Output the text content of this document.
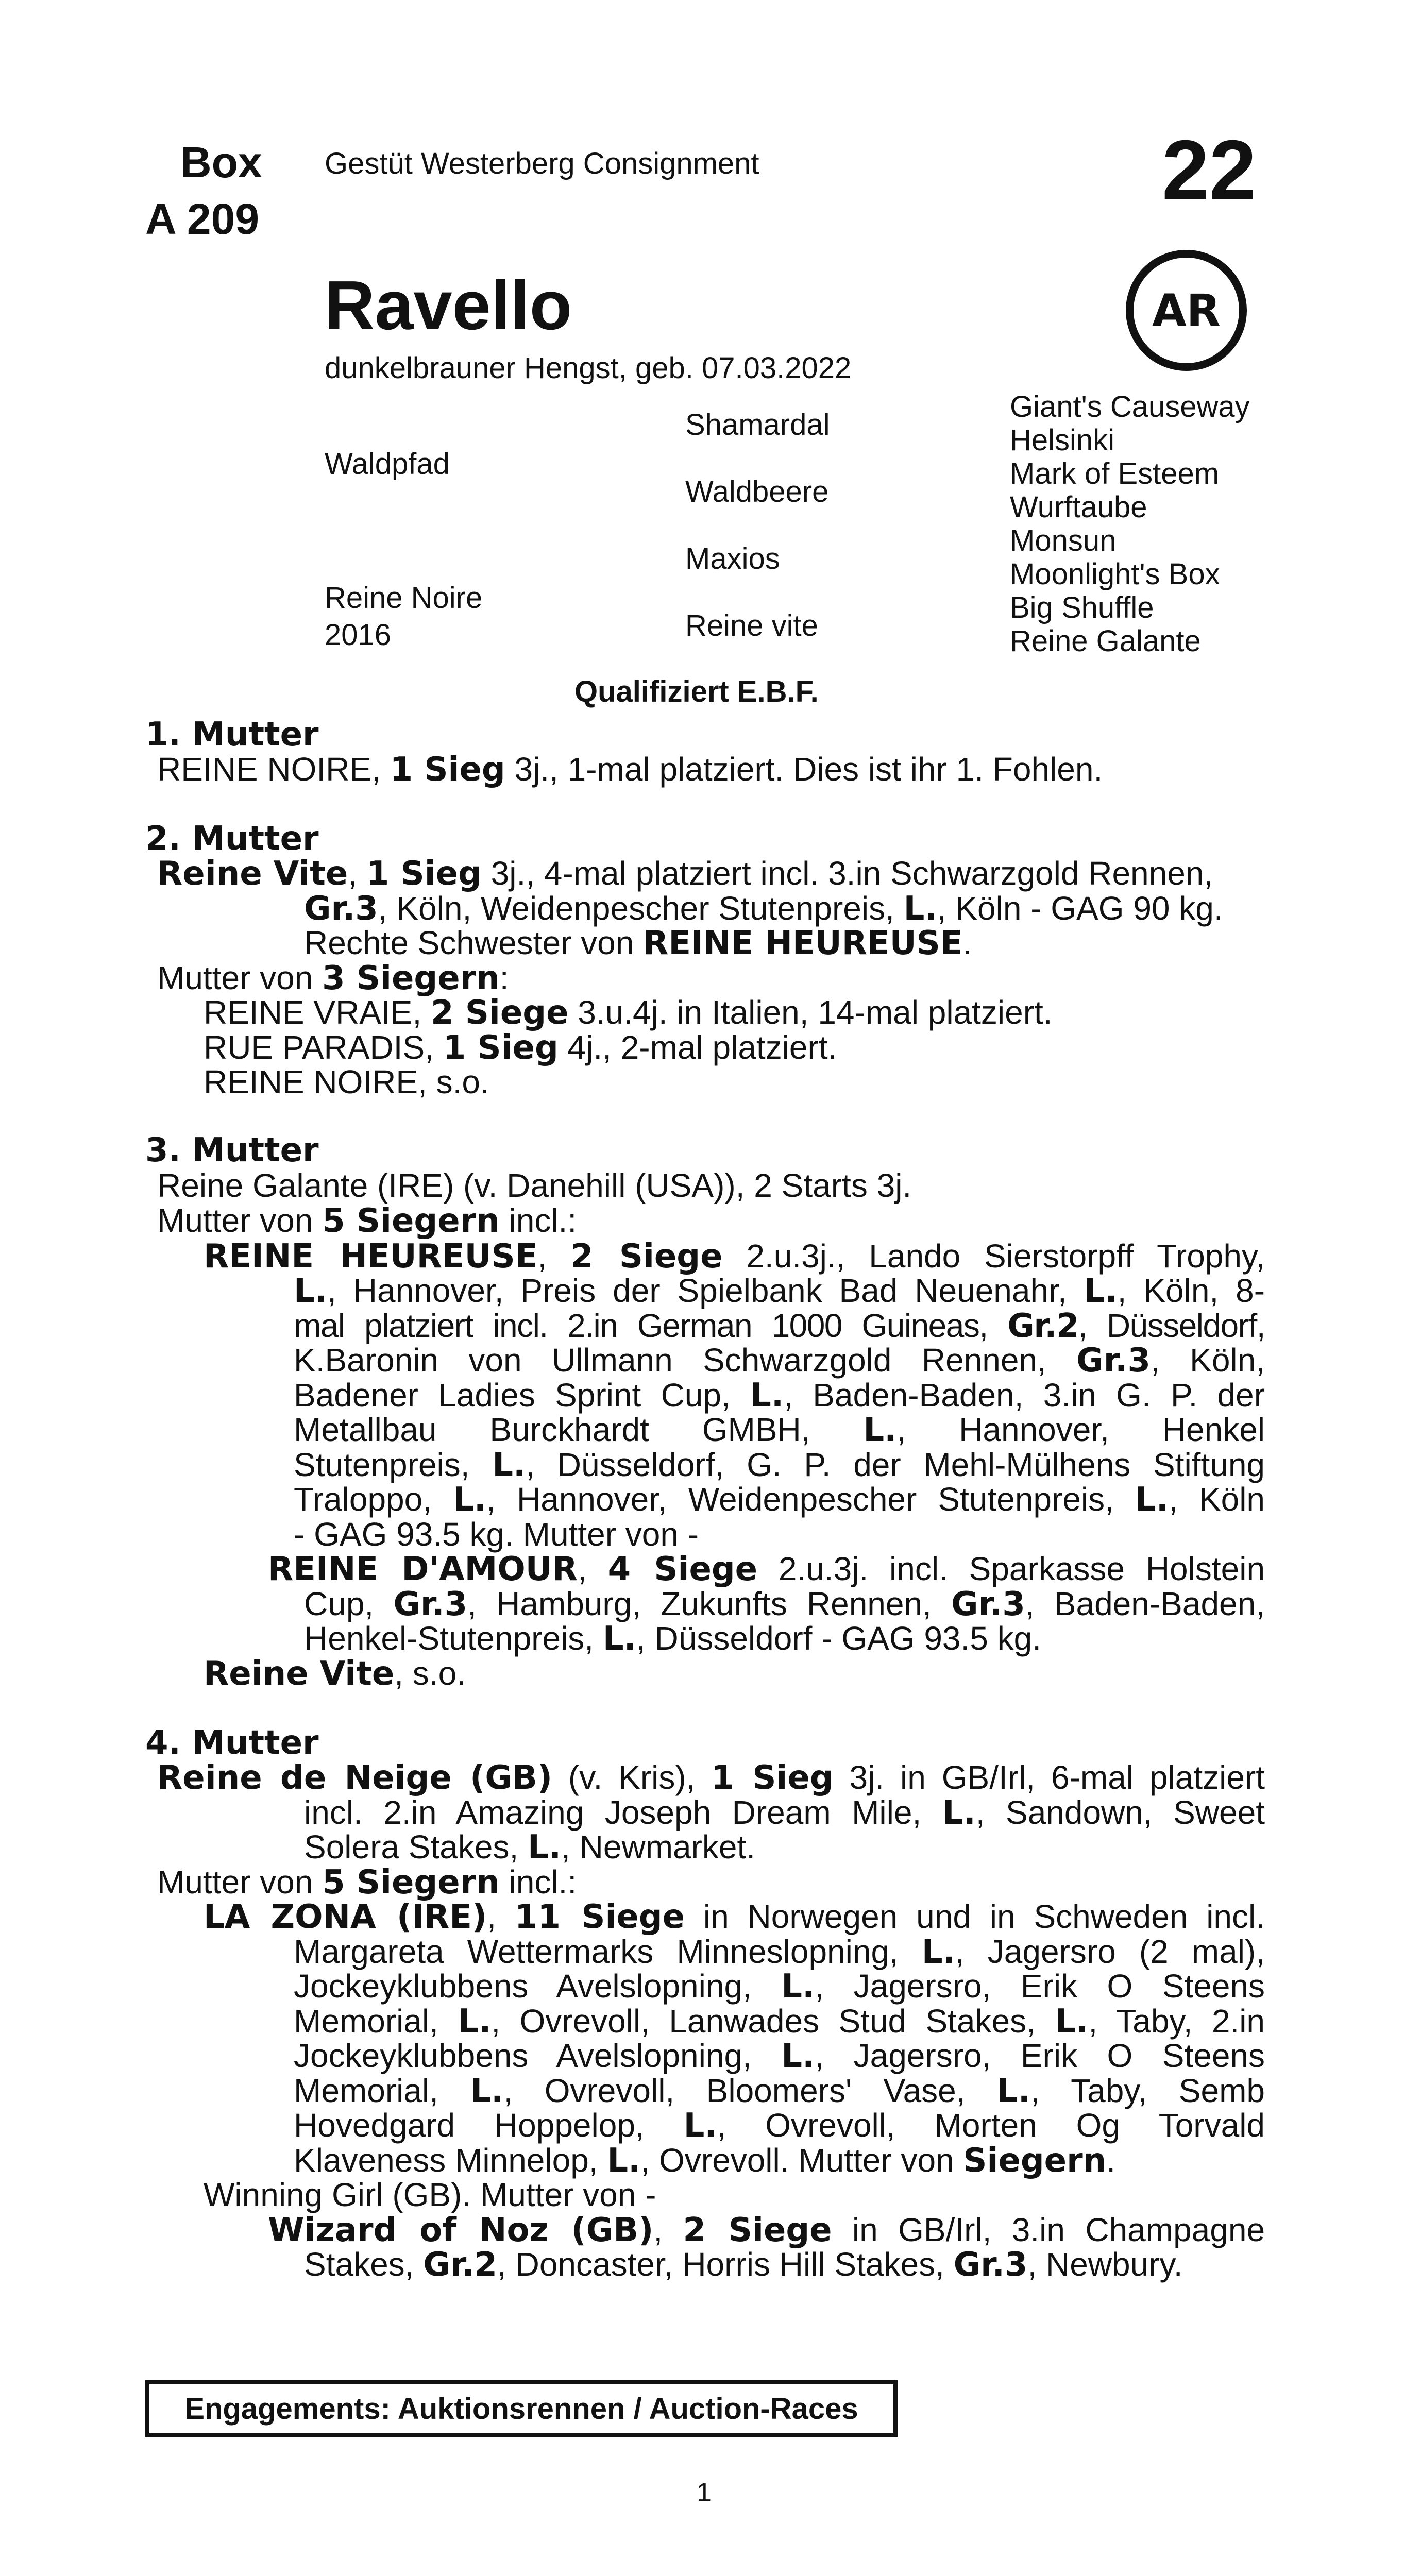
Box
A 209
Gestüt Westerberg Consignment	22
AR
Ravello
dunkelbrauner Hengst, geb. 07.03.2022
Waldpfad
Reine Noire
2016
Shamardal
Waldbeere
Maxios
Reine vite
Giant's Causeway
Helsinki
Mark of Esteem
Wurftaube
Monsun
Moonlight's Box
Big Shuffle
Reine Galante
Qualifiziert E.B.F.
1. Mutter
REINE NOIRE, 1 Sieg 3j., 1-mal platziert. Dies ist ihr 1. Fohlen.
2. Mutter
Reine Vite, 1 Sieg 3j., 4-mal platziert incl. 3.in Schwarzgold Rennen,
Gr.3, Köln, Weidenpescher Stutenpreis, L., Köln - GAG 90 kg.
Rechte Schwester von REINE HEUREUSE.
Mutter von 3 Siegern:
REINE VRAIE, 2 Siege 3.u.4j. in Italien, 14-mal platziert.
RUE PARADIS, 1 Sieg 4j., 2-mal platziert.
REINE NOIRE, s.o.
3. Mutter
Reine Galante (IRE) (v. Danehill (USA)), 2 Starts 3j.
Mutter von 5 Siegern incl.:
REINE HEUREUSE, 2 Siege 2.u.3j., Lando Sierstorpff Trophy,
L., Hannover, Preis der Spielbank Bad Neuenahr, L., Köln, 8-
mal platziert incl. 2.in German 1000 Guineas, Gr.2, Düsseldorf,
K.Baronin von Ullmann Schwarzgold Rennen, Gr.3, Köln,
Badener Ladies Sprint Cup, L., Baden-Baden, 3.in G. P. der
Metallbau Burckhardt GMBH, L., Hannover, Henkel
Stutenpreis, L., Düsseldorf, G. P. der Mehl-Mülhens Stiftung
Traloppo, L., Hannover, Weidenpescher Stutenpreis, L., Köln
- GAG 93.5 kg. Mutter von -
REINE D'AMOUR, 4 Siege 2.u.3j. incl. Sparkasse Holstein
Cup, Gr.3, Hamburg, Zukunfts Rennen, Gr.3, Baden-Baden,
Henkel-Stutenpreis, L., Düsseldorf - GAG 93.5 kg.
Reine Vite, s.o.
4. Mutter
Reine de Neige (GB) (v. Kris), 1 Sieg 3j. in GB/Irl, 6-mal platziert
incl. 2.in Amazing Joseph Dream Mile, L., Sandown, Sweet
Solera Stakes, L., Newmarket.
Mutter von 5 Siegern incl.:
LA ZONA (IRE), 11 Siege in Norwegen und in Schweden incl.
Margareta Wettermarks Minneslopning, L., Jagersro (2 mal),
Jockeyklubbens Avelslopning, L., Jagersro, Erik O Steens
Memorial, L., Ovrevoll, Lanwades Stud Stakes, L., Taby, 2.in
Jockeyklubbens Avelslopning, L., Jagersro, Erik O Steens
Memorial, L., Ovrevoll, Bloomers' Vase, L., Taby, Semb
Hovedgard Hoppelop, L., Ovrevoll, Morten Og Torvald
Klaveness Minnelop, L., Ovrevoll. Mutter von Siegern.
Winning Girl (GB). Mutter von -
Wizard of Noz (GB), 2 Siege in GB/Irl, 3.in Champagne
Stakes, Gr.2, Doncaster, Horris Hill Stakes, Gr.3, Newbury.
Engagements: Auktionsrennen / Auction-Races
1
